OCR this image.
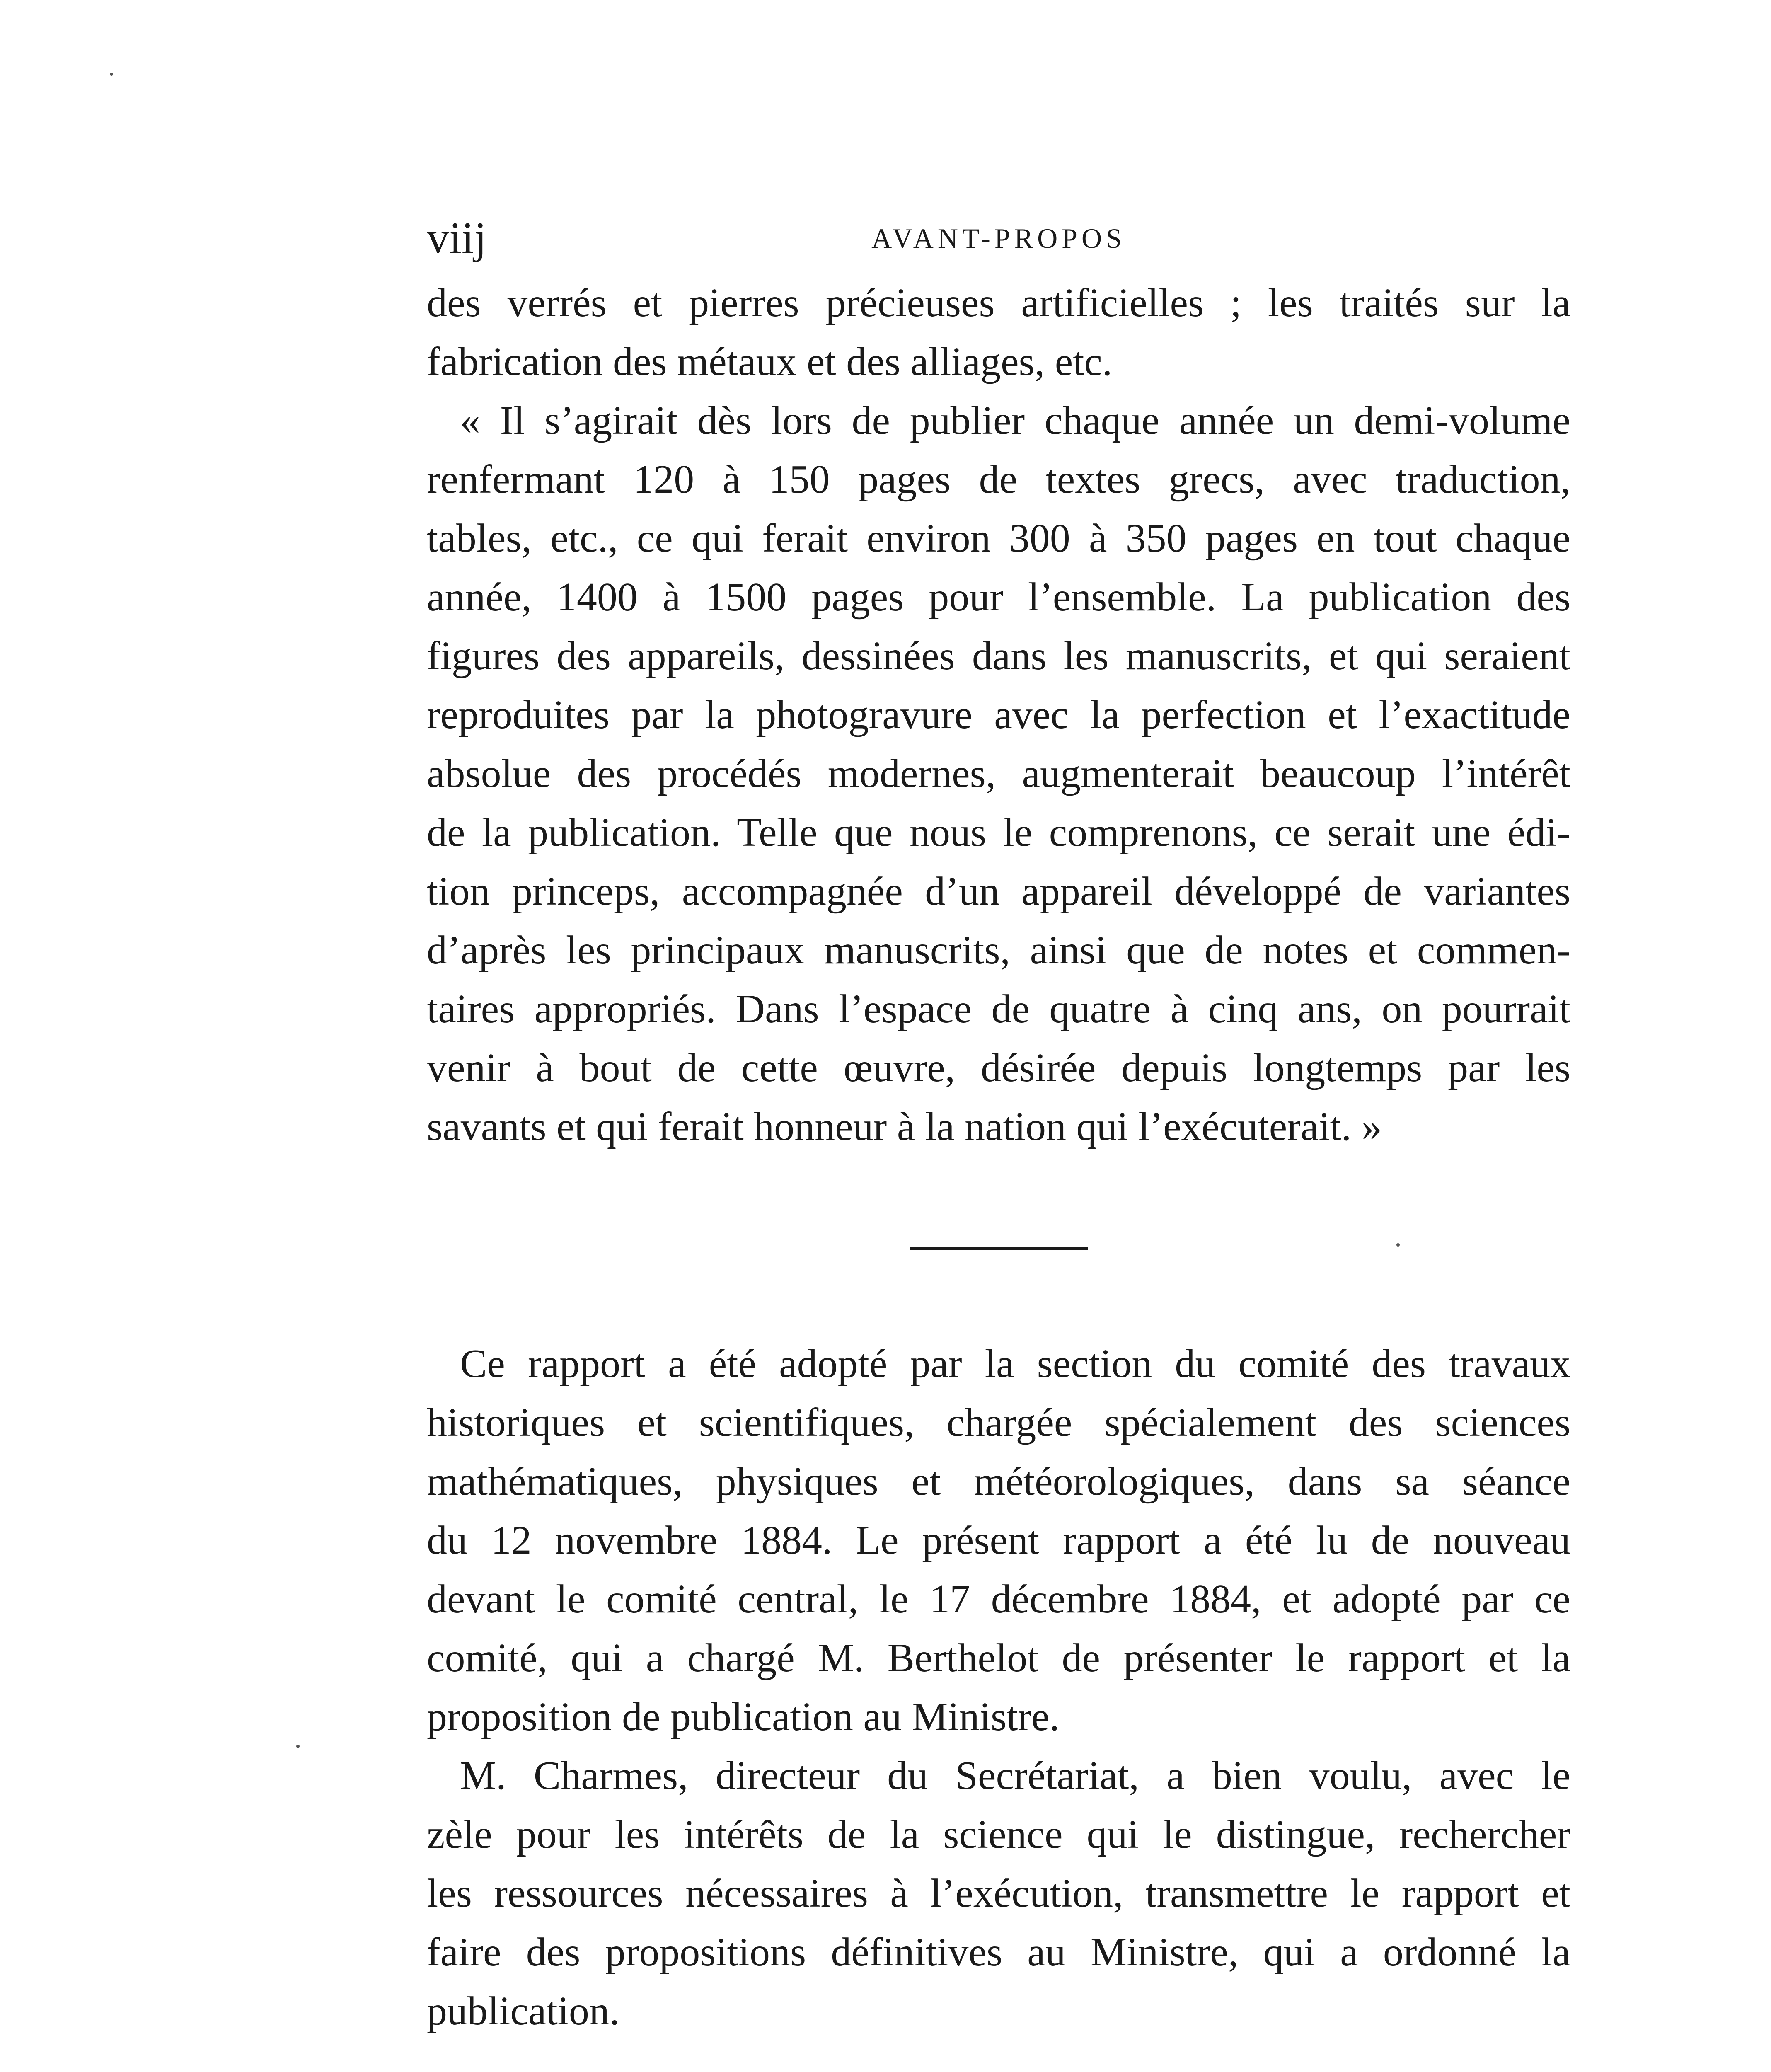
viij	AVANT-PROPOS
des verrés et pierres précieuses artificielles ; les traités sur la
fabrication des métaux et des alliages, etc.
« Il s’agirait dès lors de publier chaque année un demi-volume
renfermant 120 à 150 pages de textes grecs, avec traduction,
tables, etc., ce qui ferait environ 300 à 350 pages en tout chaque
année, 1400 à 1500 pages pour l’ensemble. La publication des
figures des appareils, dessinées dans les manuscrits, et qui seraient
reproduites par la photogravure avec la perfection et l’exactitude
absolue des procédés modernes, augmenterait beaucoup l’intérêt
de la publication. Telle que nous le comprenons, ce serait une édi-
tion princeps, accompagnée d’un appareil développé de variantes
d’après les principaux manuscrits, ainsi que de notes et commen-
taires appropriés. Dans l’espace de quatre à cinq ans, on pourrait
venir à bout de cette œuvre, désirée depuis longtemps par les
savants et qui ferait honneur à la nation qui l’exécuterait. »
Ce rapport a été adopté par la section du comité des travaux
historiques et scientifiques, chargée spécialement des sciences
mathématiques, physiques et météorologiques, dans sa séance
du 12 novembre 1884. Le présent rapport a été lu de nouveau
devant le comité central, le 17 décembre 1884, et adopté par ce
comité, qui a chargé M. Berthelot de présenter le rapport et la
proposition de publication au Ministre.
M. Charmes, directeur du Secrétariat, a bien voulu, avec le
zèle pour les intérêts de la science qui le distingue, rechercher
les ressources nécessaires à l’exécution, transmettre le rapport et
faire des propositions définitives au Ministre, qui a ordonné la
publication.
